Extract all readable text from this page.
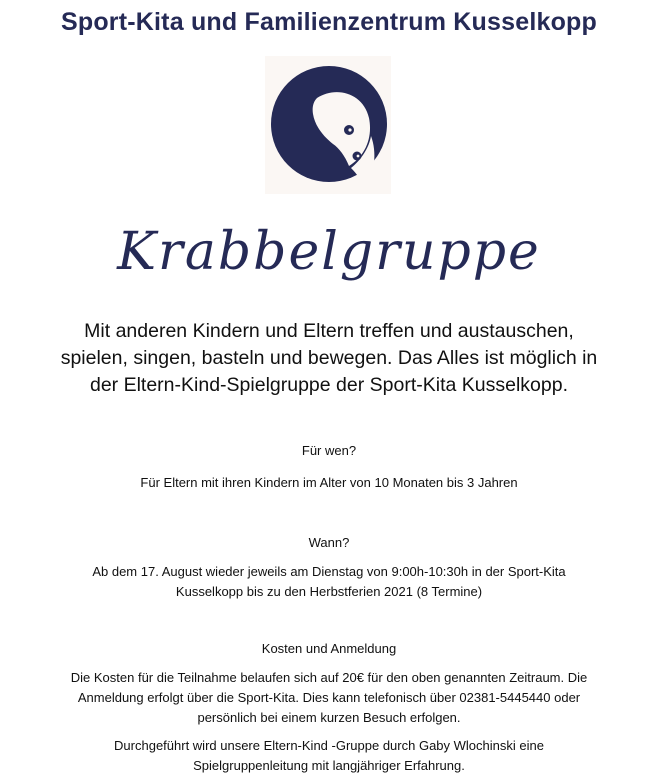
Sport-Kita und Familienzentrum Kusselkopp
Krabbelgruppe
Mit anderen Kindern und Eltern treffen und austauschen,
spielen, singen, basteln und bewegen. Das Alles ist möglich in
der Eltern-Kind-Spielgruppe der Sport-Kita Kusselkopp.
Für wen?
Für Eltern mit ihren Kindern im Alter von 10 Monaten bis 3 Jahren
Wann?
Ab dem 17. August wieder jeweils am Dienstag von 9:00h-10:30h in der Sport-Kita
Kusselkopp bis zu den Herbstferien 2021 (8 Termine)
Kosten und Anmeldung
Die Kosten für die Teilnahme belaufen sich auf 20€ für den oben genannten Zeitraum. Die
Anmeldung erfolgt über die Sport-Kita. Dies kann telefonisch über 02381-5445440 oder
persönlich bei einem kurzen Besuch erfolgen.
Durchgeführt wird unsere Eltern-Kind -Gruppe durch Gaby Wlochinski eine
Spielgruppenleitung mit langjähriger Erfahrung.
